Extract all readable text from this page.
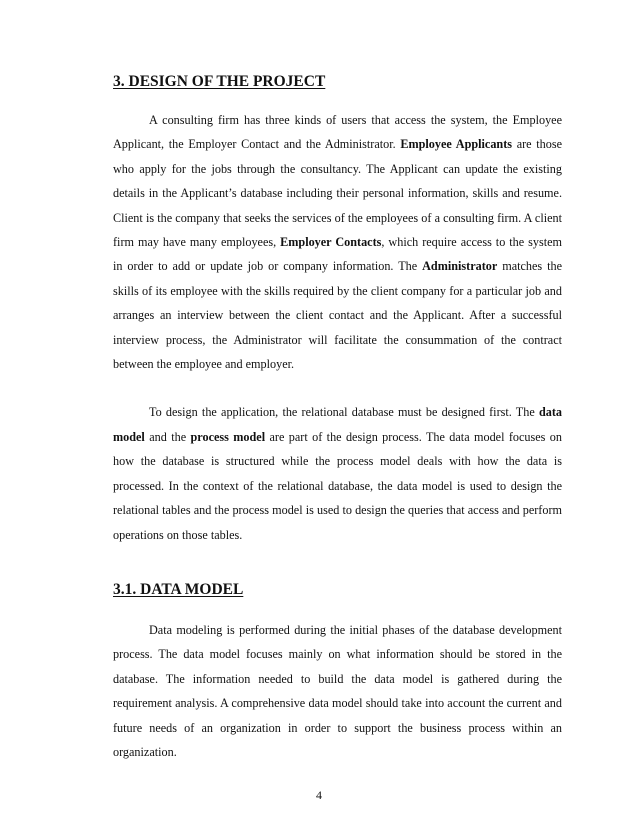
3. DESIGN OF THE PROJECT

A consulting firm has three kinds of users that access the system, the Employee Applicant, the Employer Contact and the Administrator. Employee Applicants are those who apply for the jobs through the consultancy. The Applicant can update the existing details in the Applicant’s database including their personal information, skills and resume. Client is the company that seeks the services of the employees of a consulting firm. A client firm may have many employees, Employer Contacts, which require access to the system in order to add or update job or company information. The Administrator matches the skills of its employee with the skills required by the client company for a particular job and arranges an interview between the client contact and the Applicant. After a successful interview process, the Administrator will facilitate the consummation of the contract between the employee and employer.

To design the application, the relational database must be designed first. The data model and the process model are part of the design process. The data model focuses on how the database is structured while the process model deals with how the data is processed. In the context of the relational database, the data model is used to design the relational tables and the process model is used to design the queries that access and perform operations on those tables.

3.1. DATA MODEL

Data modeling is performed during the initial phases of the database development process. The data model focuses mainly on what information should be stored in the database. The information needed to build the data model is gathered during the requirement analysis. A comprehensive data model should take into account the current and future needs of an organization in order to support the business process within an organization.

4
